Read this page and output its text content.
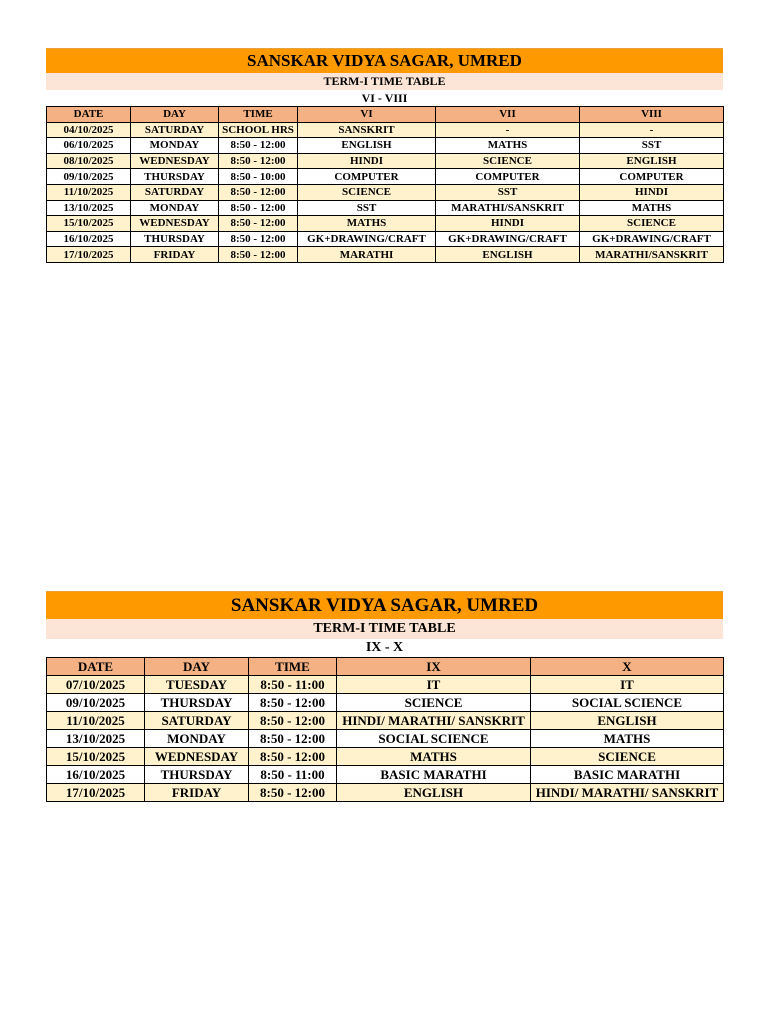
SANSKAR VIDYA SAGAR, UMRED
TERM-I TIME TABLE
VI - VIII
DATE	DAY	TIME	VI	VII	VIII
04/10/2025	SATURDAY	SCHOOL HRS	SANSKRIT	-	-
06/10/2025	MONDAY	8:50 - 12:00	ENGLISH	MATHS	SST
08/10/2025	WEDNESDAY	8:50 - 12:00	HINDI	SCIENCE	ENGLISH
09/10/2025	THURSDAY	8:50 - 10:00	COMPUTER	COMPUTER	COMPUTER
11/10/2025	SATURDAY	8:50 - 12:00	SCIENCE	SST	HINDI
13/10/2025	MONDAY	8:50 - 12:00	SST	MARATHI/SANSKRIT	MATHS
15/10/2025	WEDNESDAY	8:50 - 12:00	MATHS	HINDI	SCIENCE
16/10/2025	THURSDAY	8:50 - 12:00	GK+DRAWING/CRAFT	GK+DRAWING/CRAFT	GK+DRAWING/CRAFT
17/10/2025	FRIDAY	8:50 - 12:00	MARATHI	ENGLISH	MARATHI/SANSKRIT
SANSKAR VIDYA SAGAR, UMRED
TERM-I TIME TABLE
IX - X
DATE	DAY	TIME	IX	X
07/10/2025	TUESDAY	8:50 - 11:00	IT	IT
09/10/2025	THURSDAY	8:50 - 12:00	SCIENCE	SOCIAL SCIENCE
11/10/2025	SATURDAY	8:50 - 12:00	HINDI/ MARATHI/ SANSKRIT	ENGLISH
13/10/2025	MONDAY	8:50 - 12:00	SOCIAL SCIENCE	MATHS
15/10/2025	WEDNESDAY	8:50 - 12:00	MATHS	SCIENCE
16/10/2025	THURSDAY	8:50 - 11:00	BASIC MARATHI	BASIC MARATHI
17/10/2025	FRIDAY	8:50 - 12:00	ENGLISH	HINDI/ MARATHI/ SANSKRIT
